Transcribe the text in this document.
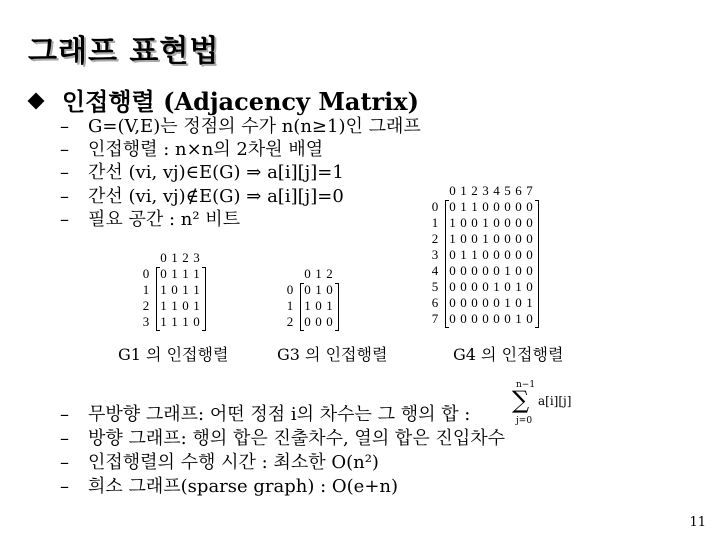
그래프 표현법
인접행렬 (Adjacency Matrix)
– G=(V,E)는 정점의 수가 n(n≥1)인 그래프
– 인접행렬 : n×n의 2차원 배열
– 간선 (vi, vj)∈E(G) ⇒ a[i][j]=1
– 간선 (vi, vj)∉E(G) ⇒ a[i][j]=0
– 필요 공간 : n² 비트
0 1 2 3
0 0 1 1 1
1 1 0 1 1
2 1 1 0 1
3 1 1 1 0
0 1 2
0 0 1 0
1 1 0 1
2 0 0 0
0 1 2 3 4 5 6 7
0 0 1 1 0 0 0 0 0
1 1 0 0 1 0 0 0 0
2 1 0 0 1 0 0 0 0
3 0 1 1 0 0 0 0 0
4 0 0 0 0 0 1 0 0
5 0 0 0 0 1 0 1 0
6 0 0 0 0 0 1 0 1
7 0 0 0 0 0 0 1 0
G1 의 인접행렬	G3 의 인접행렬	G4 의 인접행렬
– 무방향 그래프: 어떤 정점 i의 차수는 그 행의 합 :
– 방향 그래프: 행의 합은 진출차수, 열의 합은 진입차수
– 인접행렬의 수행 시간 : 최소한 O(n²)
– 희소 그래프(sparse graph) : O(e+n)
n−1
∑
j=0
a[i][j]
11
